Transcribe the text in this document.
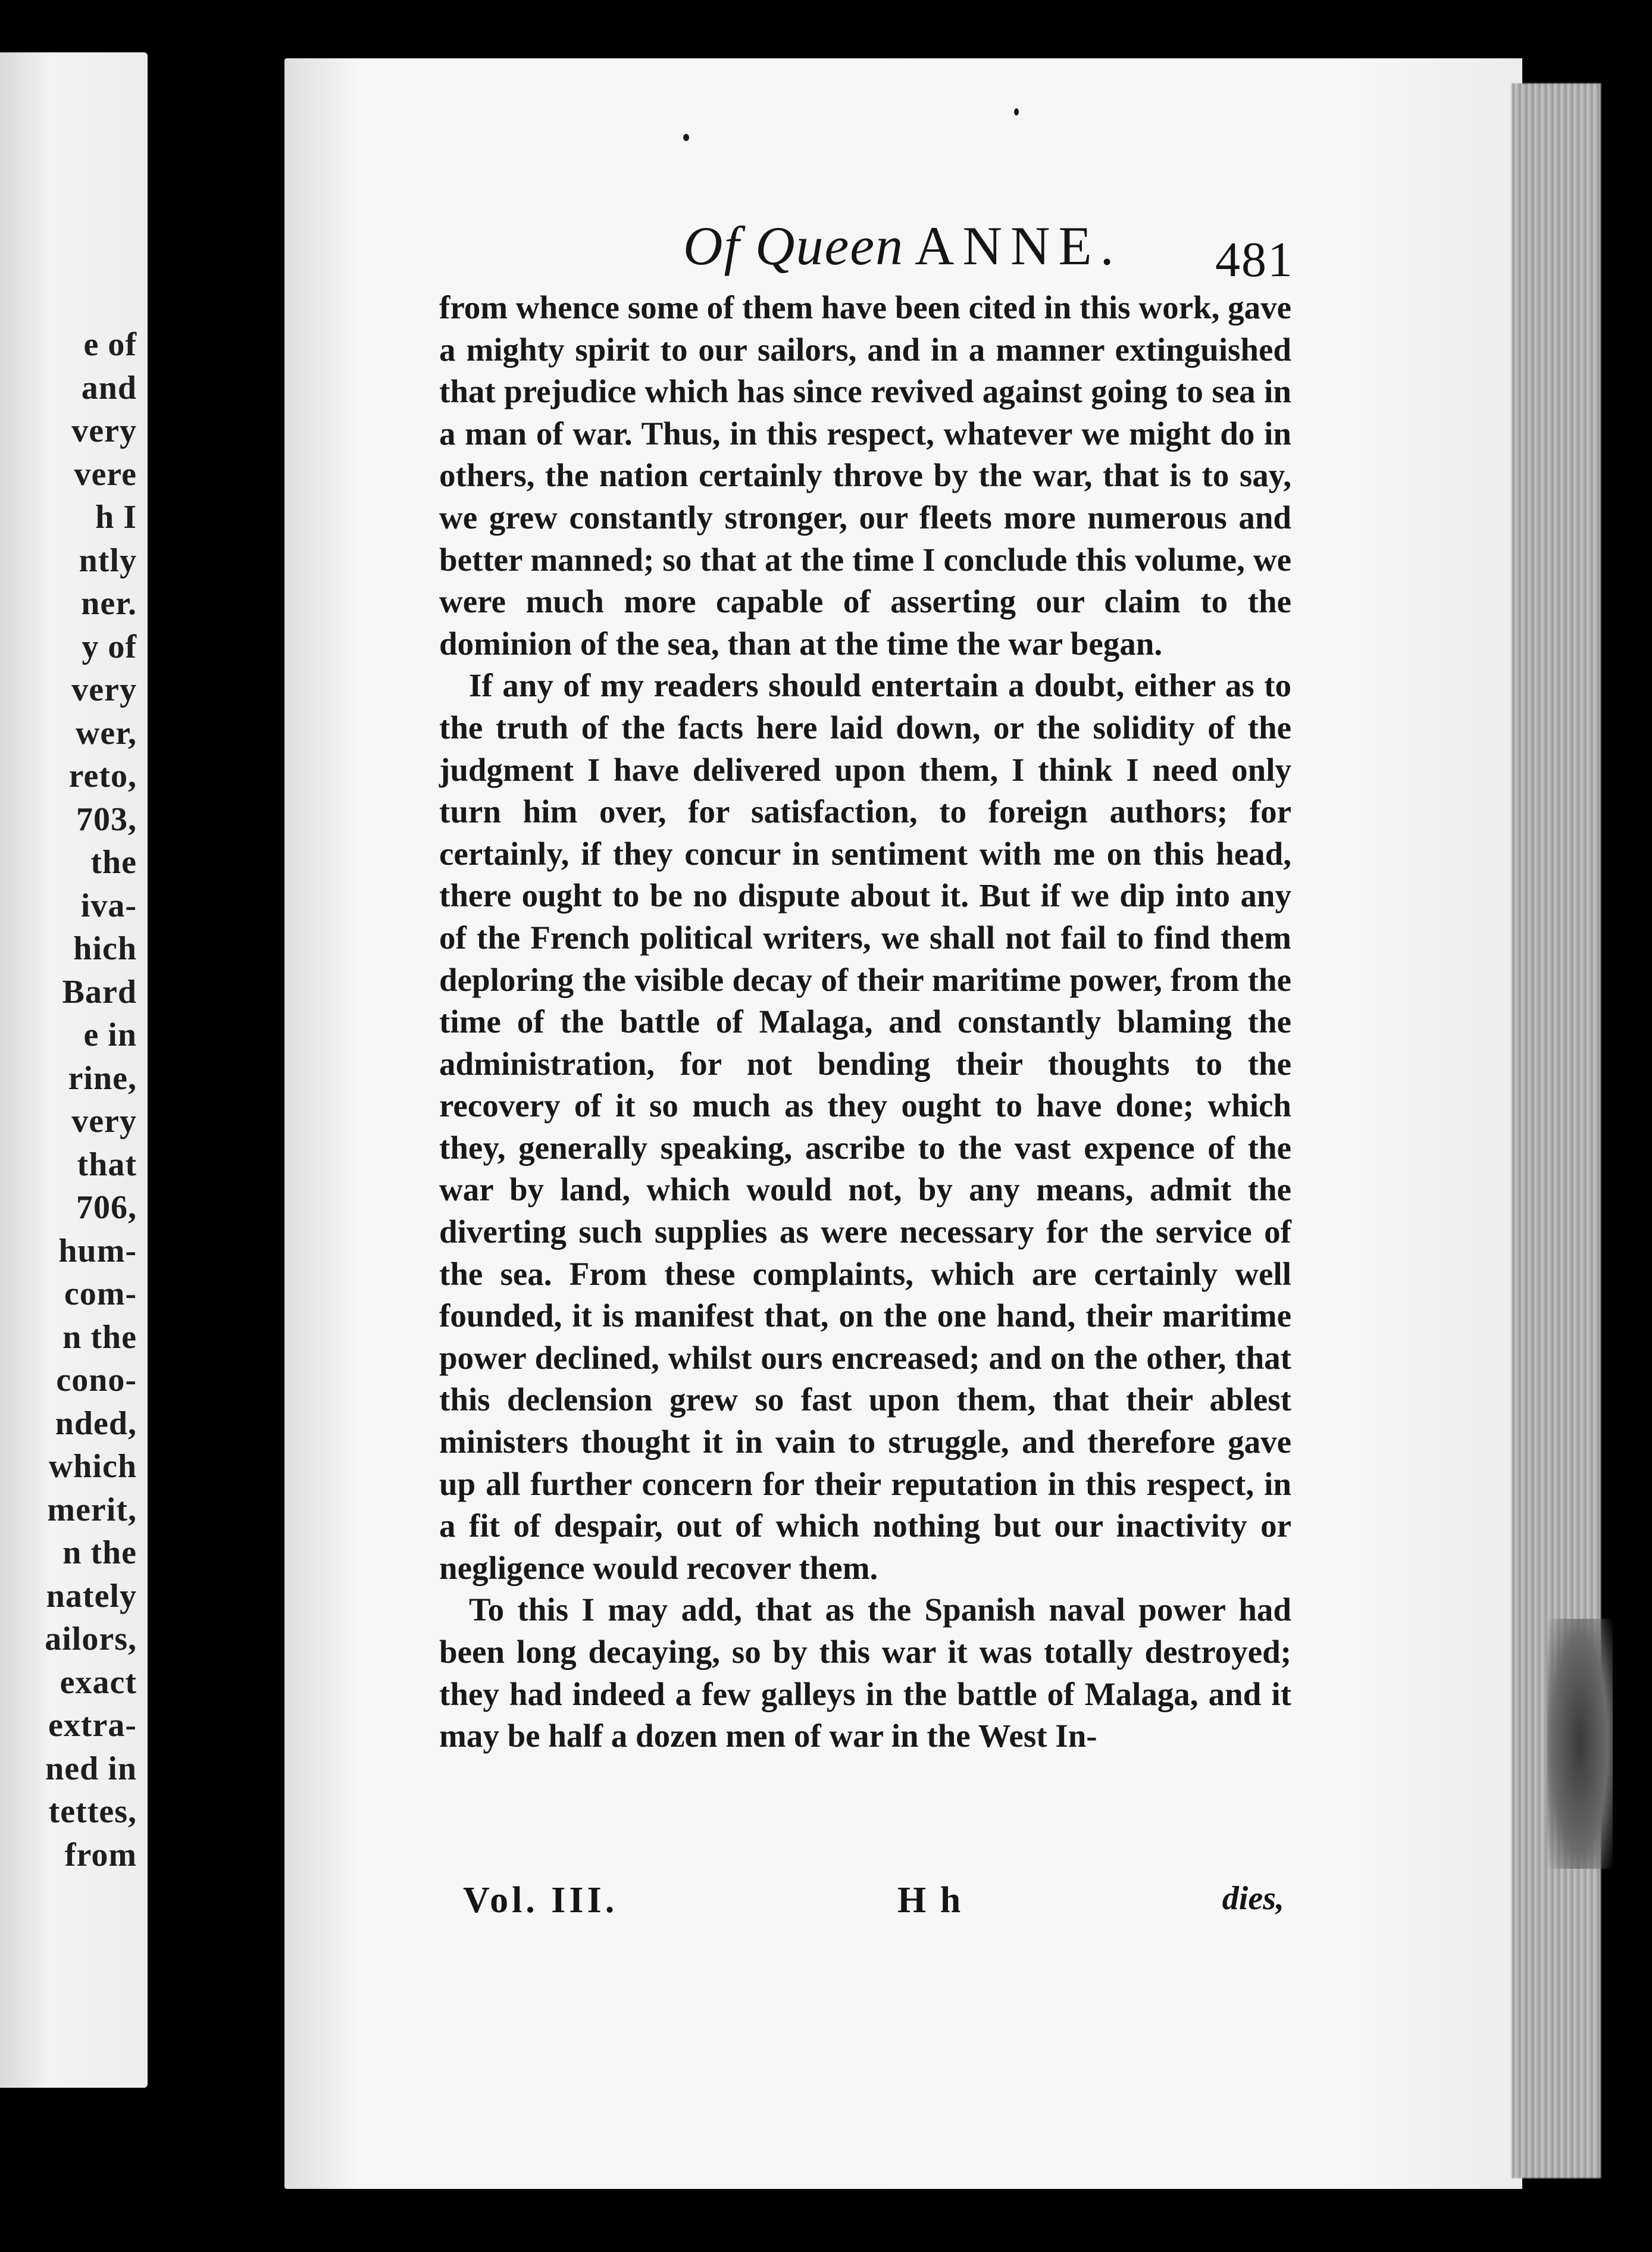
e of
and
very
vere
h I
ntly
ner.
y of
very
wer,
reto,
703,
the
iva-
hich
Bard
e in
rine,
very
that
706,
hum-
com-
n the
cono-
nded,
which
merit,
n the
nately
ailors,
exact
extra-
ned in
tettes,
from
Of Queen ANNE. 481

from whence some of them have been cited in this work, gave a mighty spirit to our sailors, and in a manner extinguished that prejudice which has since revived against going to sea in a man of war. Thus, in this respect, whatever we might do in others, the nation certainly throve by the war, that is to say, we grew constantly stronger, our fleets more numerous and better manned; so that at the time I conclude this volume, we were much more capable of asserting our claim to the dominion of the sea, than at the time the war began.

If any of my readers should entertain a doubt, either as to the truth of the facts here laid down, or the solidity of the judgment I have delivered upon them, I think I need only turn him over, for satisfaction, to foreign authors; for certainly, if they concur in sentiment with me on this head, there ought to be no dispute about it. But if we dip into any of the French political writers, we shall not fail to find them deploring the visible decay of their maritime power, from the time of the battle of Malaga, and constantly blaming the administration, for not bending their thoughts to the recovery of it so much as they ought to have done; which they, generally speaking, ascribe to the vast expence of the war by land, which would not, by any means, admit the diverting such supplies as were necessary for the service of the sea. From these complaints, which are certainly well founded, it is manifest that, on the one hand, their maritime power declined, whilst ours encreased; and on the other, that this declension grew so fast upon them, that their ablest ministers thought it in vain to struggle, and therefore gave up all further concern for their reputation in this respect, in a fit of despair, out of which nothing but our inactivity or negligence would recover them.

To this I may add, that as the Spanish naval power had been long decaying, so by this war it was totally destroyed; they had indeed a few galleys in the battle of Malaga, and it may be half a dozen men of war in the West In-

Vol. III.	H h	dies,
